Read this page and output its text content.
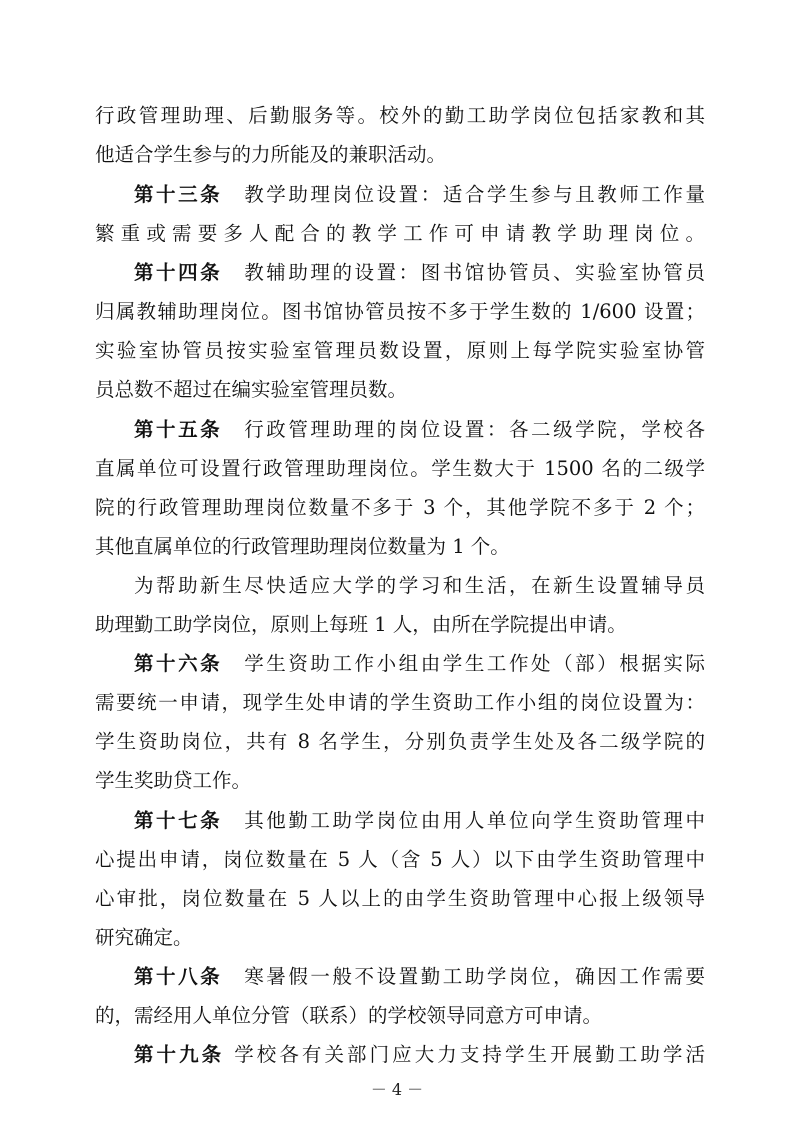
行政管理助理、后勤服务等。校外的勤工助学岗位包括家教和其
他适合学生参与的力所能及的兼职活动。
第十三条 教学助理岗位设置：适合学生参与且教师工作量
繁重或需要多人配合的教学工作可申请教学助理岗位。
第十四条 教辅助理的设置：图书馆协管员、实验室协管员
归属教辅助理岗位。图书馆协管员按不多于学生数的 1/600 设置；
实验室协管员按实验室管理员数设置，原则上每学院实验室协管
员总数不超过在编实验室管理员数。
第十五条 行政管理助理的岗位设置：各二级学院，学校各
直属单位可设置行政管理助理岗位。学生数大于 1500 名的二级学
院的行政管理助理岗位数量不多于 3 个，其他学院不多于 2 个；
其他直属单位的行政管理助理岗位数量为 1 个。
为帮助新生尽快适应大学的学习和生活，在新生设置辅导员
助理勤工助学岗位，原则上每班 1 人，由所在学院提出申请。
第十六条 学生资助工作小组由学生工作处（部）根据实际
需要统一申请，现学生处申请的学生资助工作小组的岗位设置为：
学生资助岗位，共有 8 名学生，分别负责学生处及各二级学院的
学生奖助贷工作。
第十七条 其他勤工助学岗位由用人单位向学生资助管理中
心提出申请，岗位数量在 5 人（含 5 人）以下由学生资助管理中
心审批，岗位数量在 5 人以上的由学生资助管理中心报上级领导
研究确定。
第十八条 寒暑假一般不设置勤工助学岗位，确因工作需要
的，需经用人单位分管（联系）的学校领导同意方可申请。
第十九条 学校各有关部门应大力支持学生开展勤工助学活
－ 4 －
